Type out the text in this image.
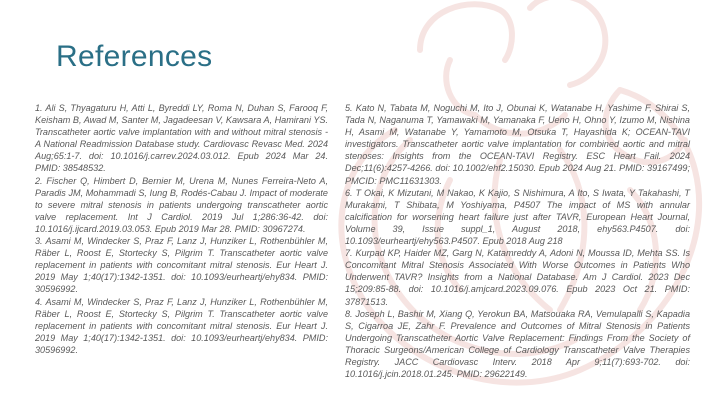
References

1. Ali S, Thyagaturu H, Atti L, Byreddi LY, Roma N, Duhan S, Farooq F, Keisham B, Awad M, Santer M, Jagadeesan V, Kawsara A, Hamirani YS. Transcatheter aortic valve implantation with and without mitral stenosis - A National Readmission Database study. Cardiovasc Revasc Med. 2024 Aug;65:1-7. doi: 10.1016/j.carrev.2024.03.012. Epub 2024 Mar 24. PMID: 38548532.

2. Fischer Q, Himbert D, Bernier M, Urena M, Nunes Ferreira-Neto A, Paradis JM, Mohammadi S, Iung B, Rodés-Cabau J. Impact of moderate to severe mitral stenosis in patients undergoing transcatheter aortic valve replacement. Int J Cardiol. 2019 Jul 1;286:36-42. doi: 10.1016/j.ijcard.2019.03.053. Epub 2019 Mar 28. PMID: 30967274.

3. Asami M, Windecker S, Praz F, Lanz J, Hunziker L, Rothenbühler M, Räber L, Roost E, Stortecky S, Pilgrim T. Transcatheter aortic valve replacement in patients with concomitant mitral stenosis. Eur Heart J. 2019 May 1;40(17):1342-1351. doi: 10.1093/eurheartj/ehy834. PMID: 30596992.

4. Asami M, Windecker S, Praz F, Lanz J, Hunziker L, Rothenbühler M, Räber L, Roost E, Stortecky S, Pilgrim T. Transcatheter aortic valve replacement in patients with concomitant mitral stenosis. Eur Heart J. 2019 May 1;40(17):1342-1351. doi: 10.1093/eurheartj/ehy834. PMID: 30596992.

5. Kato N, Tabata M, Noguchi M, Ito J, Obunai K, Watanabe H, Yashime F, Shirai S, Tada N, Naganuma T, Yamawaki M, Yamanaka F, Ueno H, Ohno Y, Izumo M, Nishina H, Asami M, Watanabe Y, Yamamoto M, Otsuka T, Hayashida K; OCEAN-TAVI investigators. Transcatheter aortic valve implantation for combined aortic and mitral stenoses: Insights from the OCEAN-TAVI Registry. ESC Heart Fail. 2024 Dec;11(6):4257-4266. doi: 10.1002/ehf2.15030. Epub 2024 Aug 21. PMID: 39167499; PMCID: PMC11631303.

6. T Okai, K Mizutani, M Nakao, K Kajio, S Nishimura, A Ito, S Iwata, Y Takahashi, T Murakami, T Shibata, M Yoshiyama, P4507 The impact of MS with annular calcification for worsening heart failure just after TAVR, European Heart Journal, Volume 39, Issue suppl_1, August 2018, ehy563.P4507. doi: 10.1093/eurheartj/ehy563.P4507. Epub 2018 Aug 218

7. Kurpad KP, Haider MZ, Garg N, Katamreddy A, Adoni N, Moussa ID, Mehta SS. Is Concomitant Mitral Stenosis Associated With Worse Outcomes in Patients Who Underwent TAVR? Insights from a National Database. Am J Cardiol. 2023 Dec 15;209:85-88. doi: 10.1016/j.amjcard.2023.09.076. Epub 2023 Oct 21. PMID: 37871513.

8. Joseph L, Bashir M, Xiang Q, Yerokun BA, Matsouaka RA, Vemulapalli S, Kapadia S, Cigarroa JE, Zahr F. Prevalence and Outcomes of Mitral Stenosis in Patients Undergoing Transcatheter Aortic Valve Replacement: Findings From the Society of Thoracic Surgeons/American College of Cardiology Transcatheter Valve Therapies Registry. JACC Cardiovasc Interv. 2018 Apr 9;11(7):693-702. doi: 10.1016/j.jcin.2018.01.245. PMID: 29622149.
